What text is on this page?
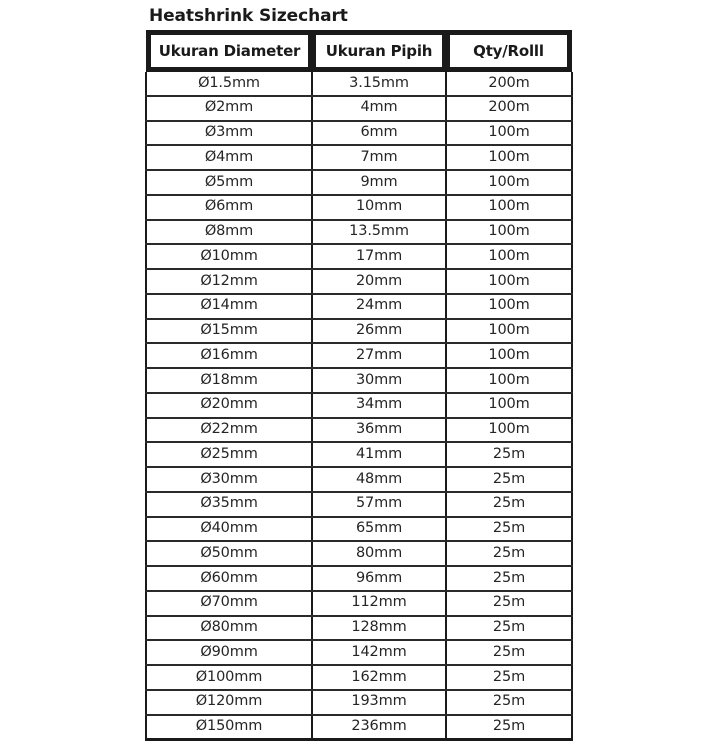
Heatshrink Sizechart
Ukuran Diameter	Ukuran Pipih	Qty/Rolll

Ø1.5mm	3.15mm	200m
Ø2mm	4mm	200m
Ø3mm	6mm	100m
Ø4mm	7mm	100m
Ø5mm	9mm	100m
Ø6mm	10mm	100m
Ø8mm	13.5mm	100m
Ø10mm	17mm	100m
Ø12mm	20mm	100m
Ø14mm	24mm	100m
Ø15mm	26mm	100m
Ø16mm	27mm	100m
Ø18mm	30mm	100m
Ø20mm	34mm	100m
Ø22mm	36mm	100m
Ø25mm	41mm	25m
Ø30mm	48mm	25m
Ø35mm	57mm	25m
Ø40mm	65mm	25m
Ø50mm	80mm	25m
Ø60mm	96mm	25m
Ø70mm	112mm	25m
Ø80mm	128mm	25m
Ø90mm	142mm	25m
Ø100mm	162mm	25m
Ø120mm	193mm	25m
Ø150mm	236mm	25m
